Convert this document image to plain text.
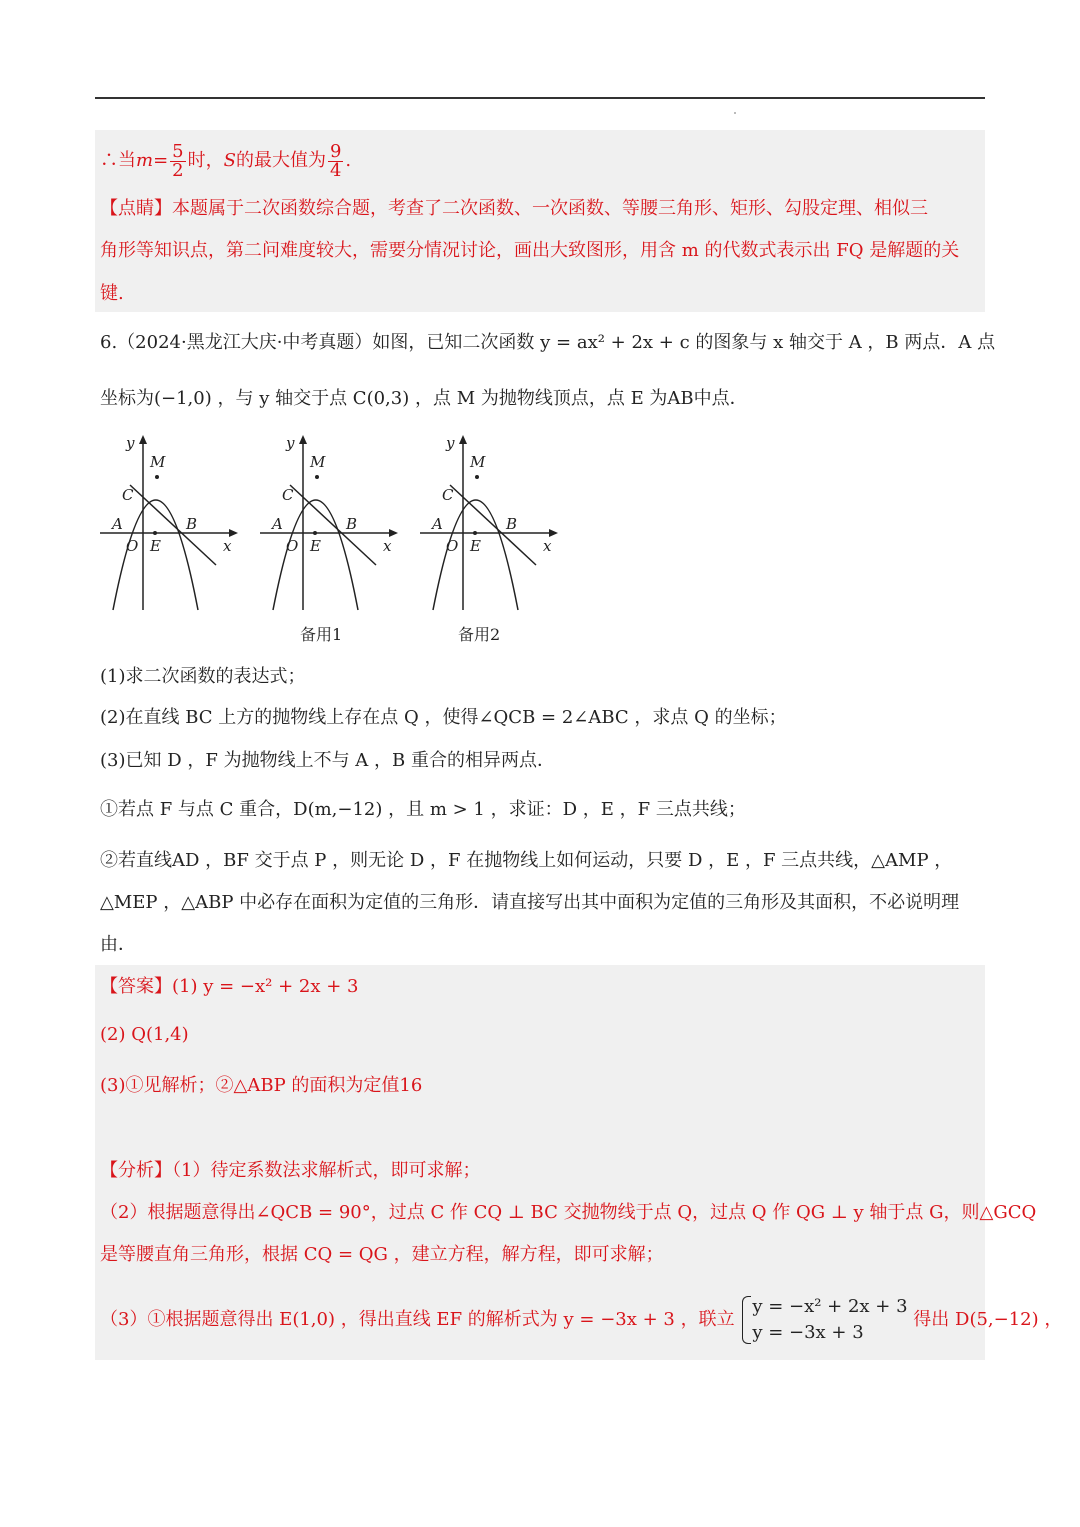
∴当$m= \frac{5}{2}$ 时，S的最大值为 $\frac{9}{4}$ .
【点睛】本题属于二次函数综合题，考查了二次函数、一次函数、等腰三角形、矩形、勾股定理、相似三
角形等知识点，第二问难度较大，需要分情况讨论，画出大致图形，用含 m 的代数式表示出 FQ 是解题的关
键.
6.（2024·黑龙江大庆·中考真题）如图，已知二次函数 y = ax² + 2x + c 的图象与 x 轴交于 A ，B 两点．A 点
坐标为(−1,0) ，与 y 轴交于点 C(0,3) ，点 M 为抛物线顶点，点 E 为AB中点．
y
M
C
A	B
O E	x
y
M
C
A	B
O E	x
y
M
C
A	B
O E	x
备用1	备用2
(1)求二次函数的表达式；
(2)在直线 BC 上方的抛物线上存在点 Q ，使得∠QCB = 2∠ABC ，求点 Q 的坐标；
(3)已知 D ，F 为抛物线上不与 A ，B 重合的相异两点．
①若点 F 与点 C 重合，D(m,−12) ，且 m > 1 ，求证：D ，E ，F 三点共线；
②若直线AD ，BF 交于点 P ，则无论 D ，F 在抛物线上如何运动，只要 D ，E ，F 三点共线，△AMP ，
△MEP ，△ABP 中必存在面积为定值的三角形．请直接写出其中面积为定值的三角形及其面积，不必说明理
由．
【答案】(1) y = −x² + 2x + 3
(2) Q(1,4)
(3)①见解析；②△ABP 的面积为定值16
【分析】（1）待定系数法求解析式，即可求解；
（2）根据题意得出∠QCB = 90°，过点 C 作 CQ ⊥ BC 交抛物线于点 Q，过点 Q 作 QG ⊥ y 轴于点 G，则△GCQ
是等腰直角三角形，根据 CQ = QG ，建立方程，解方程，即可求解；
（3）①根据题意得出 E(1,0) ，得出直线 EF 的解析式为 y = −3x + 3 ，联立
y = −x² + 2x + 3
y = −3x + 3
得出 D(5,−12) ，
